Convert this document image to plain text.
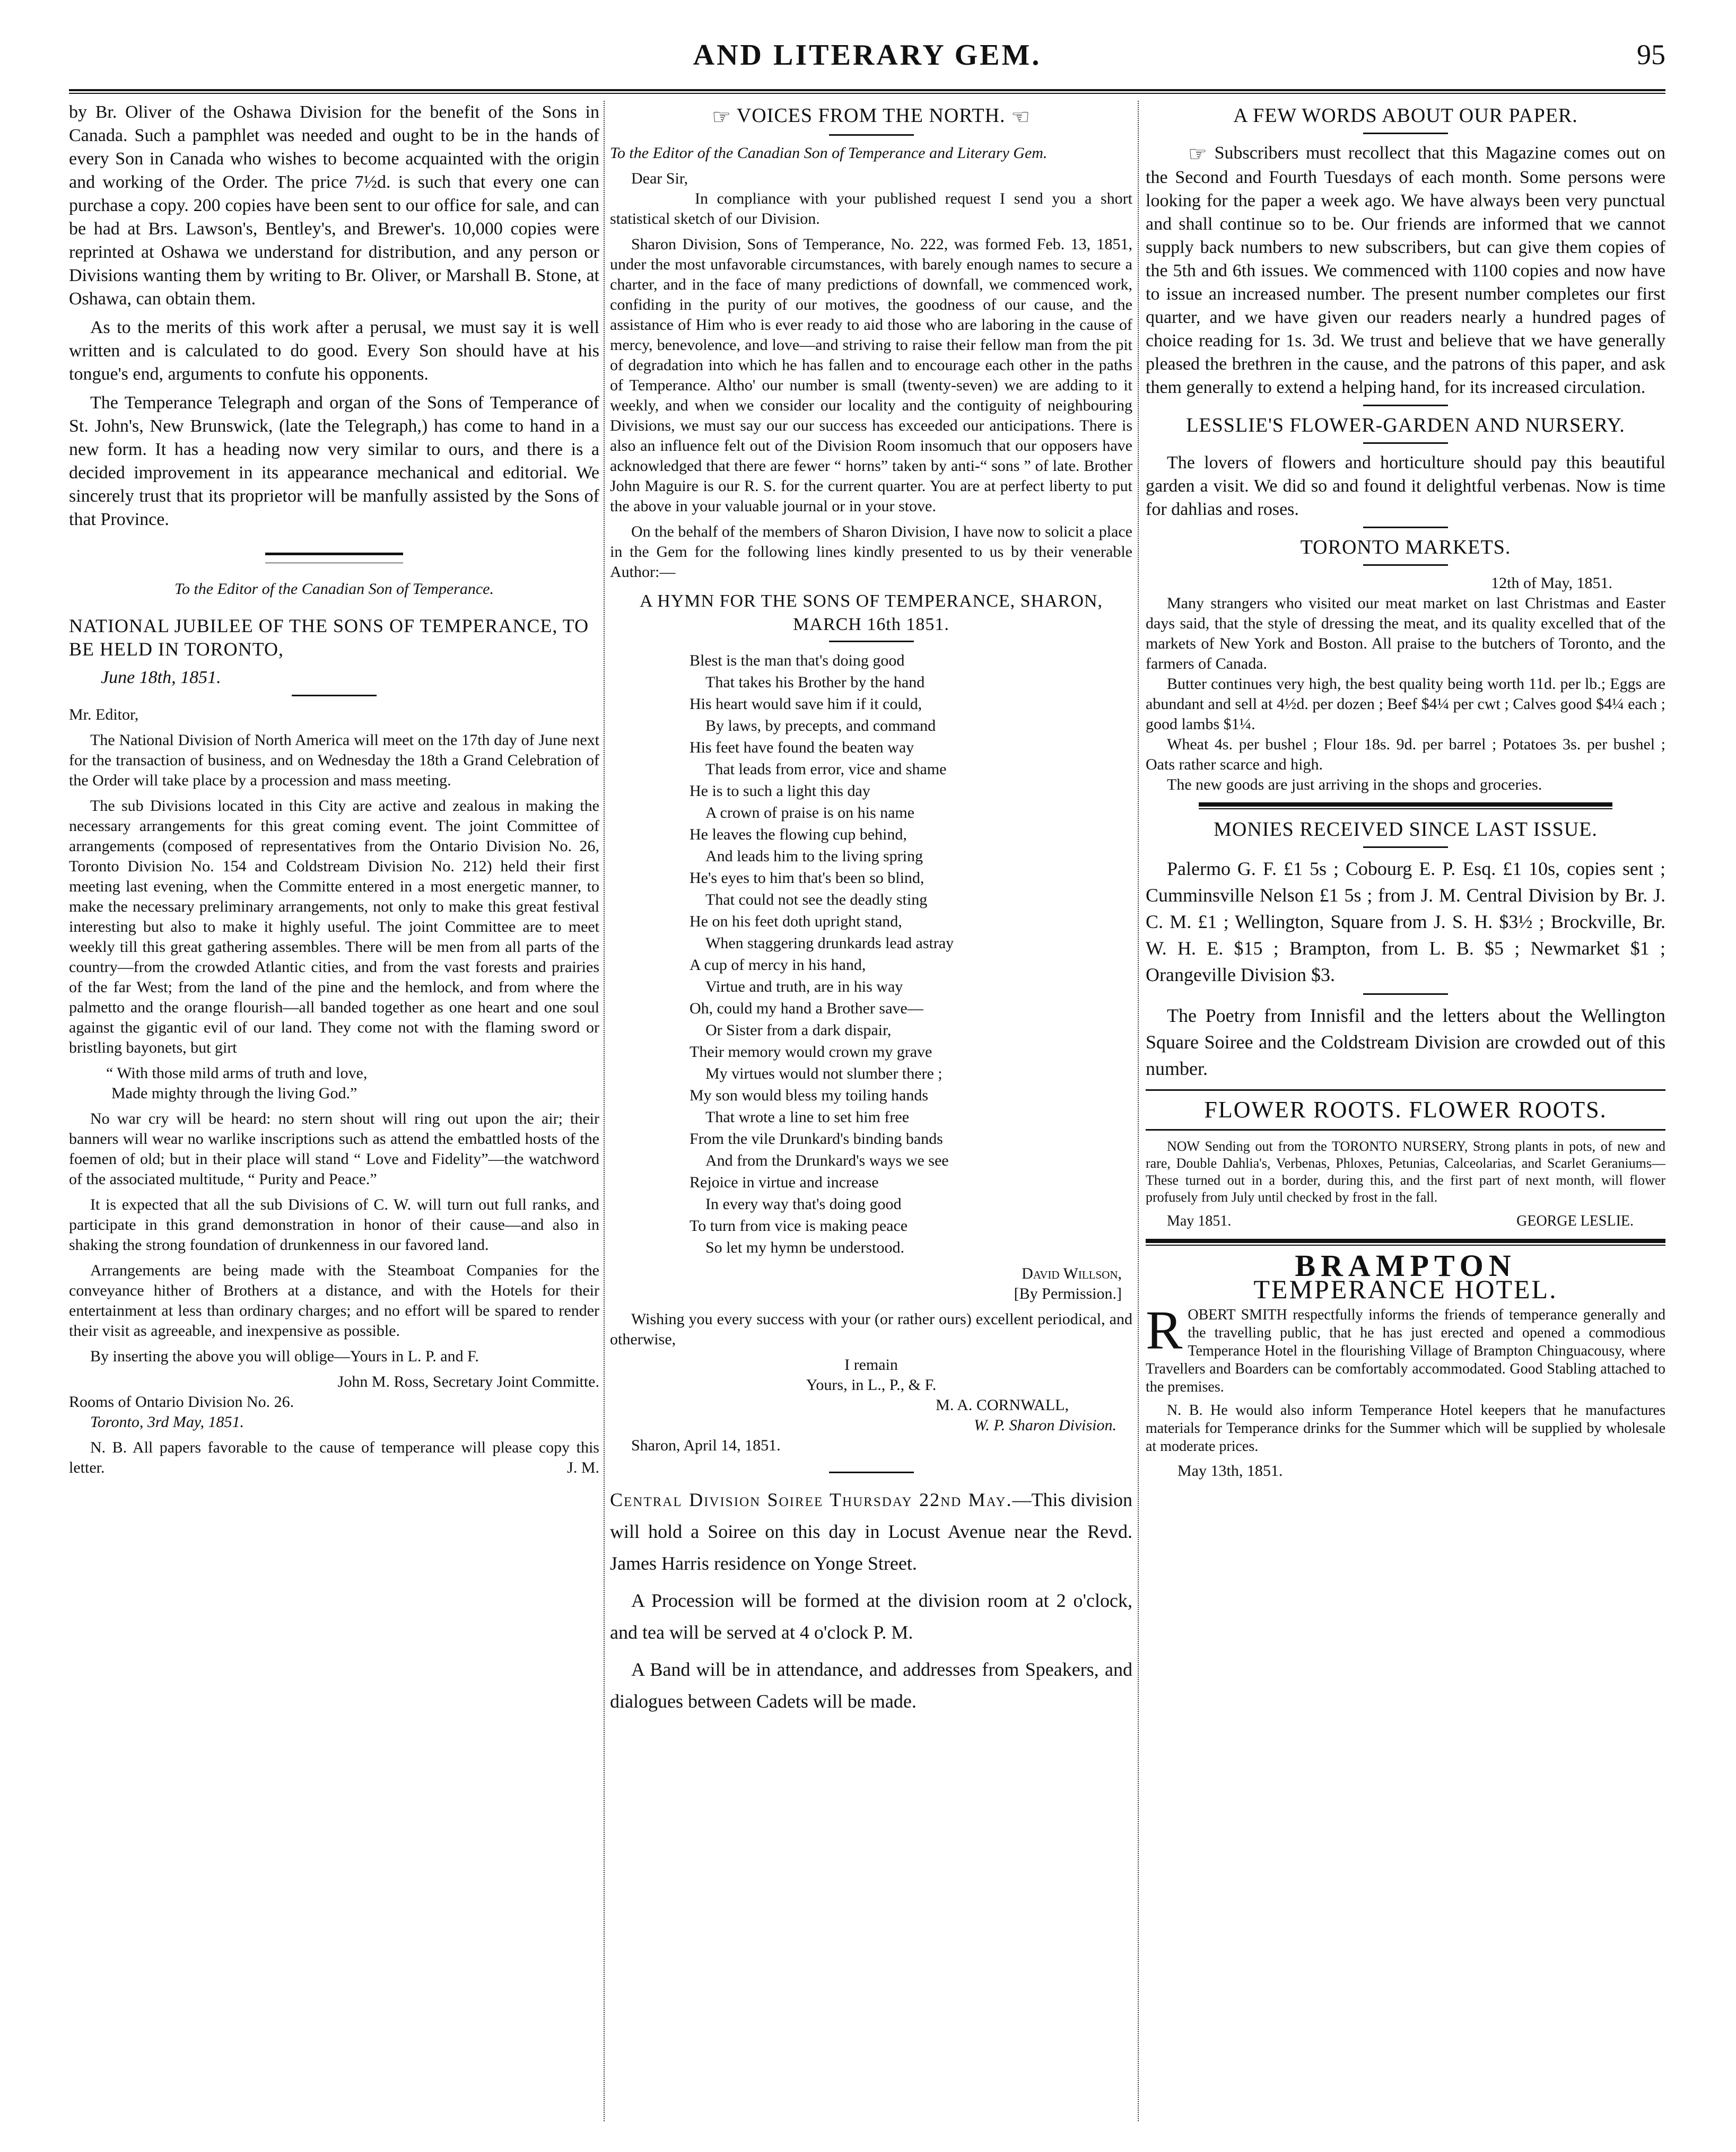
AND LITERARY GEM.	95

by Br. Oliver of the Oshawa Division for the benefit of the Sons in Canada. Such a pamphlet was needed and ought to be in the hands of every Son in Canada who wishes to become acquainted with the origin and working of the Order. The price 7½d. is such that every one can purchase a copy. 200 copies have been sent to our office for sale, and can be had at Brs. Lawson's, Bentley's, and Brewer's. 10,000 copies were reprinted at Oshawa we understand for distribution, and any person or Divisions wanting them by writing to Br. Oliver, or Marshall B. Stone, at Oshawa, can obtain them.

As to the merits of this work after a perusal, we must say it is well written and is calculated to do good. Every Son should have at his tongue's end, arguments to confute his opponents.

The Temperance Telegraph and organ of the Sons of Temperance of St. John's, New Brunswick, (late the Telegraph,) has come to hand in a new form. It has a heading now very similar to ours, and there is a decided improvement in its appearance mechanical and editorial. We sincerely trust that its proprietor will be manfully assisted by the Sons of that Province.

To the Editor of the Canadian Son of Temperance.

NATIONAL JUBILEE OF THE SONS OF TEMPERANCE, TO BE HELD IN TORONTO,

June 18th, 1851.

Mr. Editor,

The National Division of North America will meet on the 17th day of June next for the transaction of business, and on Wednesday the 18th a Grand Celebration of the Order will take place by a procession and mass meeting.

The sub Divisions located in this City are active and zealous in making the necessary arrangements for this great coming event. The joint Committee of arrangements (composed of representatives from the Ontario Division No. 26, Toronto Division No. 154 and Coldstream Division No. 212) held their first meeting last evening, when the Committe entered in a most energetic manner, to make the necessary preliminary arrangements, not only to make this great festival interesting but also to make it highly useful. The joint Committee are to meet weekly till this great gathering assembles. There will be men from all parts of the country—from the crowded Atlantic cities, and from the vast forests and prairies of the far West; from the land of the pine and the hemlock, and from where the palmetto and the orange flourish—all banded together as one heart and one soul against the gigantic evil of our land. They come not with the flaming sword or bristling bayonets, but girt

“ With those mild arms of truth and love,

Made mighty through the living God.”

No war cry will be heard: no stern shout will ring out upon the air; their banners will wear no warlike inscriptions such as attend the embattled hosts of the foemen of old; but in their place will stand “ Love and Fidelity”—the watchword of the associated multitude, “ Purity and Peace.”

It is expected that all the sub Divisions of C. W. will turn out full ranks, and participate in this grand demonstration in honor of their cause—and also in shaking the strong foundation of drunkenness in our favored land.

Arrangements are being made with the Steamboat Companies for the conveyance hither of Brothers at a distance, and with the Hotels for their entertainment at less than ordinary charges; and no effort will be spared to render their visit as agreeable, and inexpensive as possible.

By inserting the above you will oblige—Yours in L. P. and F.

John M. Ross, Secretary Joint Committe.

Rooms of Ontario Division No. 26.

Toronto, 3rd May, 1851.

N. B. All papers favorable to the cause of temperance will please copy this letter.	J. M.

☞ VOICES FROM THE NORTH. ☜

To the Editor of the Canadian Son of Temperance and Literary Gem.

Dear Sir,

In compliance with your published request I send you a short statistical sketch of our Division.

Sharon Division, Sons of Temperance, No. 222, was formed Feb. 13, 1851, under the most unfavorable circumstances, with barely enough names to secure a charter, and in the face of many predictions of downfall, we commenced work, confiding in the purity of our motives, the goodness of our cause, and the assistance of Him who is ever ready to aid those who are laboring in the cause of mercy, benevolence, and love—and striving to raise their fellow man from the pit of degradation into which he has fallen and to encourage each other in the paths of Temperance. Altho' our number is small (twenty-seven) we are adding to it weekly, and when we consider our locality and the contiguity of neighbouring Divisions, we must say our our success has exceeded our anticipations. There is also an influence felt out of the Division Room insomuch that our opposers have acknowledged that there are fewer “ horns” taken by anti-“ sons ” of late. Brother John Maguire is our R. S. for the current quarter. You are at perfect liberty to put the above in your valuable journal or in your stove.

On the behalf of the members of Sharon Division, I have now to solicit a place in the Gem for the following lines kindly presented to us by their venerable Author:—

A HYMN FOR THE SONS OF TEMPERANCE, SHARON, MARCH 16th 1851.

Blest is the man that's doing good
That takes his Brother by the hand
His heart would save him if it could,
By laws, by precepts, and command
His feet have found the beaten way
That leads from error, vice and shame
He is to such a light this day
A crown of praise is on his name
He leaves the flowing cup behind,
And leads him to the living spring
He's eyes to him that's been so blind,
That could not see the deadly sting
He on his feet doth upright stand,
When staggering drunkards lead astray
A cup of mercy in his hand,
Virtue and truth, are in his way
Oh, could my hand a Brother save—
Or Sister from a dark dispair,
Their memory would crown my grave
My virtues would not slumber there ;
My son would bless my toiling hands
That wrote a line to set him free
From the vile Drunkard's binding bands
And from the Drunkard's ways we see
Rejoice in virtue and increase
In every way that's doing good
To turn from vice is making peace
So let my hymn be understood.

David Willson,

[By Permission.]

Wishing you every success with your (or rather ours) excellent periodical, and otherwise,

I remain

Yours, in L., P., & F.

M. A. CORNWALL,

W. P. Sharon Division.

Sharon, April 14, 1851.

Central Division Soiree Thursday 22nd May.—This division will hold a Soiree on this day in Locust Avenue near the Revd. James Harris residence on Yonge Street.

A Procession will be formed at the division room at 2 o'clock, and tea will be served at 4 o'clock P. M.

A Band will be in attendance, and addresses from Speakers, and dialogues between Cadets will be made.

A FEW WORDS ABOUT OUR PAPER.

☞ Subscribers must recollect that this Magazine comes out on the Second and Fourth Tuesdays of each month. Some persons were looking for the paper a week ago. We have always been very punctual and shall continue so to be. Our friends are informed that we cannot supply back numbers to new subscribers, but can give them copies of the 5th and 6th issues. We commenced with 1100 copies and now have to issue an increased number. The present number completes our first quarter, and we have given our readers nearly a hundred pages of choice reading for 1s. 3d. We trust and believe that we have generally pleased the brethren in the cause, and the patrons of this paper, and ask them generally to extend a helping hand, for its increased circulation.

LESSLIE'S FLOWER-GARDEN AND NURSERY.

The lovers of flowers and horticulture should pay this beautiful garden a visit. We did so and found it delightful verbenas. Now is time for dahlias and roses.

TORONTO MARKETS.

12th of May, 1851.

Many strangers who visited our meat market on last Christmas and Easter days said, that the style of dressing the meat, and its quality excelled that of the markets of New York and Boston. All praise to the butchers of Toronto, and the farmers of Canada.

Butter continues very high, the best quality being worth 11d. per lb.; Eggs are abundant and sell at 4½d. per dozen ; Beef $4¼ per cwt ; Calves good $4¼ each ; good lambs $1¼.

Wheat 4s. per bushel ; Flour 18s. 9d. per barrel ; Potatoes 3s. per bushel ; Oats rather scarce and high.

The new goods are just arriving in the shops and groceries.

MONIES RECEIVED SINCE LAST ISSUE.

Palermo G. F. £1 5s ; Cobourg E. P. Esq. £1 10s, copies sent ; Cumminsville Nelson £1 5s ; from J. M. Central Division by Br. J. C. M. £1 ; Wellington, Square from J. S. H. $3½ ; Brockville, Br. W. H. E. $15 ; Brampton, from L. B. $5 ; Newmarket $1 ; Orangeville Division $3.

The Poetry from Innisfil and the letters about the Wellington Square Soiree and the Coldstream Division are crowded out of this number.

FLOWER ROOTS. FLOWER ROOTS.

NOW Sending out from the TORONTO NURSERY, Strong plants in pots, of new and rare, Double Dahlia's, Verbenas, Phloxes, Petunias, Calceolarias, and Scarlet Geraniums—These turned out in a border, during this, and the first part of next month, will flower profusely from July until checked by frost in the fall.

May 1851.	GEORGE LESLIE.

BRAMPTON
TEMPERANCE HOTEL.

ROBERT SMITH respectfully informs the friends of temperance generally and the travelling public, that he has just erected and opened a commodious Temperance Hotel in the flourishing Village of Brampton Chinguacousy, where Travellers and Boarders can be comfortably accommodated. Good Stabling attached to the premises.

N. B. He would also inform Temperance Hotel keepers that he manufactures materials for Temperance drinks for the Summer which will be supplied by wholesale at moderate prices.

May 13th, 1851.
